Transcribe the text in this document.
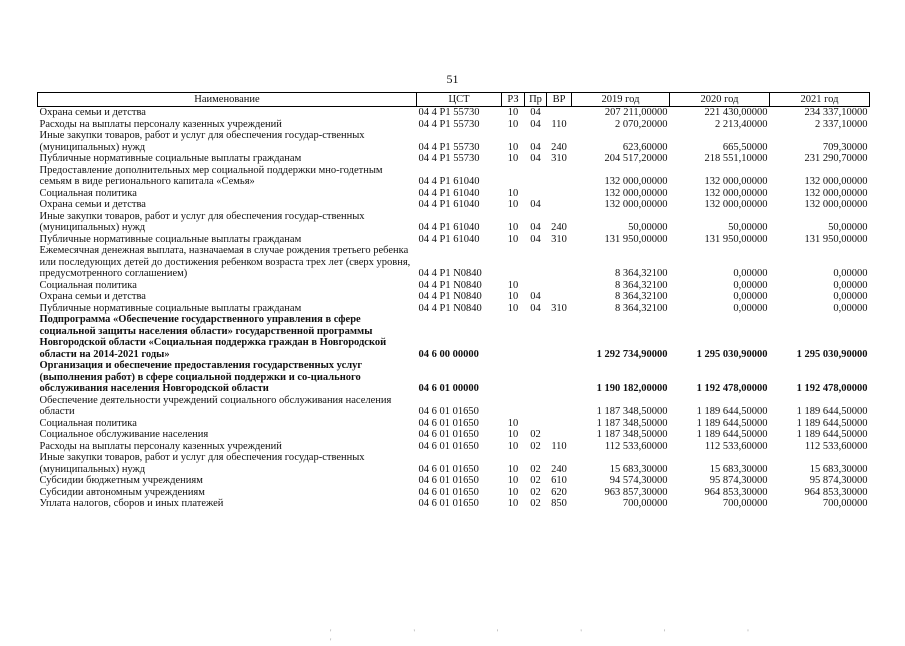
51
Наименование	ЦСТ	РЗ	Пр	ВР	2019 год	2020 год	2021 год
Охрана семьи и детства	04 4 P1 55730	10	04		207 211,00000	221 430,00000	234 337,10000
Расходы на выплаты персоналу казенных учреждений	04 4 P1 55730	10	04	110	2 070,20000	2 213,40000	2 337,10000
Иные закупки товаров, работ и услуг для обеспечения государ-ственных (муниципальных) нужд	04 4 P1 55730	10	04	240	623,60000	665,50000	709,30000
Публичные нормативные социальные выплаты гражданам	04 4 P1 55730	10	04	310	204 517,20000	218 551,10000	231 290,70000
Предоставление дополнительных мер социальной поддержки мно-годетным семьям в виде регионального капитала «Семья»	04 4 P1 61040				132 000,00000	132 000,00000	132 000,00000
Социальная политика	04 4 P1 61040	10			132 000,00000	132 000,00000	132 000,00000
Охрана семьи и детства	04 4 P1 61040	10	04		132 000,00000	132 000,00000	132 000,00000
Иные закупки товаров, работ и услуг для обеспечения государ-ственных (муниципальных) нужд	04 4 P1 61040	10	04	240	50,00000	50,00000	50,00000
Публичные нормативные социальные выплаты гражданам	04 4 P1 61040	10	04	310	131 950,00000	131 950,00000	131 950,00000
Ежемесячная денежная выплата, назначаемая в случае рождения третьего ребенка или последующих детей до достижения ребенком возраста трех лет (сверх уровня, предусмотренного соглашением)	04 4 P1 N0840				8 364,32100	0,00000	0,00000
Социальная политика	04 4 P1 N0840	10			8 364,32100	0,00000	0,00000
Охрана семьи и детства	04 4 P1 N0840	10	04		8 364,32100	0,00000	0,00000
Публичные нормативные социальные выплаты гражданам	04 4 P1 N0840	10	04	310	8 364,32100	0,00000	0,00000
Подпрограмма «Обеспечение государственного управления в сфере социальной защиты населения области» государственной программы Новгородской области «Социальная поддержка граждан в Новгородской области на 2014-2021 годы»	04 6 00 00000				1 292 734,90000	1 295 030,90000	1 295 030,90000
Организация и обеспечение предоставления государственных услуг (выполнения работ) в сфере социальной поддержки и со-циального обслуживания населения Новгородской области	04 6 01 00000				1 190 182,00000	1 192 478,00000	1 192 478,00000
Обеспечение деятельности учреждений социального обслуживания населения области	04 6 01 01650				1 187 348,50000	1 189 644,50000	1 189 644,50000
Социальная политика	04 6 01 01650	10			1 187 348,50000	1 189 644,50000	1 189 644,50000
Социальное обслуживание населения	04 6 01 01650	10	02		1 187 348,50000	1 189 644,50000	1 189 644,50000
Расходы на выплаты персоналу казенных учреждений	04 6 01 01650	10	02	110	112 533,60000	112 533,60000	112 533,60000
Иные закупки товаров, работ и услуг для обеспечения государ-ственных (муниципальных) нужд	04 6 01 01650	10	02	240	15 683,30000	15 683,30000	15 683,30000
Субсидии бюджетным учреждениям	04 6 01 01650	10	02	610	94 574,30000	95 874,30000	95 874,30000
Субсидии автономным учреждениям	04 6 01 01650	10	02	620	963 857,30000	964 853,30000	964 853,30000
Уплата налогов, сборов и иных платежей	04 6 01 01650	10	02	850	700,00000	700,00000	700,00000
' ' ' ' ' ' '
